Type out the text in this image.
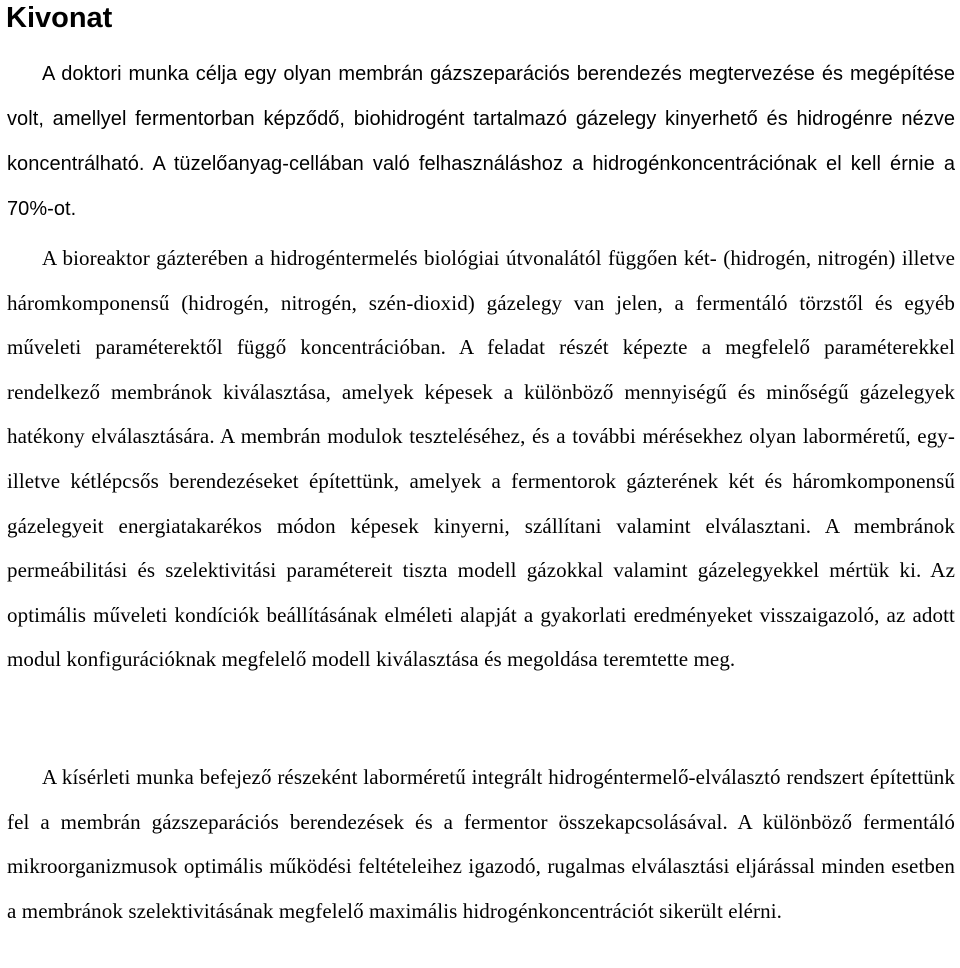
Kivonat

A doktori munka célja egy olyan membrán gázszeparációs berendezés megtervezése és megépítése volt, amellyel fermentorban képződő, biohidrogént tartalmazó gázelegy kinyerhető és hidrogénre nézve koncentrálható. A tüzelőanyag-cellában való felhasználáshoz a hidrogénkoncentrációnak el kell érnie a 70%-ot.

A bioreaktor gázterében a hidrogéntermelés biológiai útvonalától függően két- (hidrogén, nitrogén) illetve háromkomponensű (hidrogén, nitrogén, szén-dioxid) gázelegy van jelen, a fermentáló törzstől és egyéb műveleti paraméterektől függő koncentrációban. A feladat részét képezte a megfelelő paraméterekkel rendelkező membránok kiválasztása, amelyek képesek a különböző mennyiségű és minőségű gázelegyek hatékony elválasztására. A membrán modulok teszteléséhez, és a további mérésekhez olyan laborméretű, egy- illetve kétlépcsős berendezéseket építettünk, amelyek a fermentorok gázterének két és háromkomponensű gázelegyeit energiatakarékos módon képesek kinyerni, szállítani valamint elválasztani. A membránok permeábilitási és szelektivitási paramétereit tiszta modell gázokkal valamint gázelegyekkel mértük ki. Az optimális műveleti kondíciók beállításának elméleti alapját a gyakorlati eredményeket visszaigazoló, az adott modul konfigurációknak megfelelő modell kiválasztása és megoldása teremtette meg.

A kísérleti munka befejező részeként laborméretű integrált hidrogéntermelő-elválasztó rendszert építettünk fel a membrán gázszeparációs berendezések és a fermentor összekapcsolásával. A különböző fermentáló mikroorganizmusok optimális működési feltételeihez igazodó, rugalmas elválasztási eljárással minden esetben a membránok szelektivitásának megfelelő maximális hidrogénkoncentrációt sikerült elérni.
